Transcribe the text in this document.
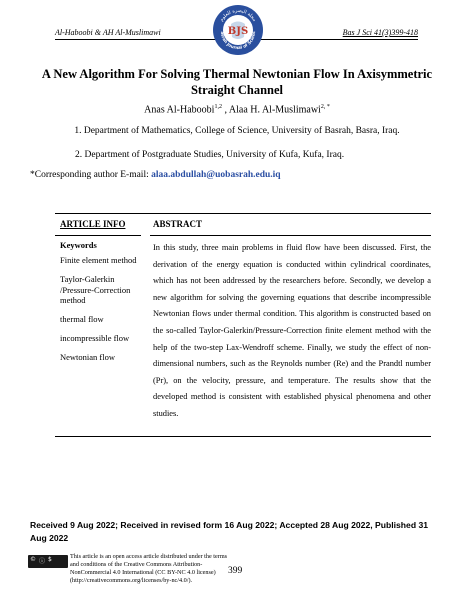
Al-Haboobi & AH Al-Muslimawi	Bas J Sci 41(3)399-418
BJS
asrah Journal of Scienc
مجلة البصرة للعلوم
A New Algorithm For Solving Thermal Newtonian Flow In Axisymmetric Straight Channel
Anas Al-Haboobi$^{1,2}$ , Alaa H. Al-Muslimawi$^{2, *}$
1. Department of Mathematics, College of Science, University of Basrah, Basra, Iraq.
2. Department of Postgraduate Studies, University of Kufa, Kufa, Iraq.
*Corresponding author E-mail: alaa.abdullah@uobasrah.edu.iq
ARTICLE INFO	ABSTRACT
Keywords
Finite element method
Taylor-Galerkin /Pressure-Correction method
thermal flow
incompressible flow
Newtonian flow
In this study, three main problems in fluid flow have been discussed. First, the derivation of the energy equation is conducted within cylindrical coordinates, which has not been addressed by the researchers before. Secondly, we develop a new algorithm for solving the governing equations that describe incompressible Newtonian flows under thermal condition. This algorithm is constructed based on the so-called Taylor-Galerkin/Pressure-Correction finite element method with the help of the two-step Lax-Wendroff scheme. Finally, we study the effect of non-dimensional numbers, such as the Reynolds number (Re) and the Prandtl number (Pr), on the velocity, pressure, and temperature. The results show that the developed method is consistent with established physical phenomena and other studies.
Received 9 Aug 2022; Received in revised form 16 Aug 2022; Accepted 28 Aug 2022, Published 31 Aug 2022
© ⓘ $	This article is an open access article distributed under the terms and conditions of the Creative Commons Attribution-NonCommercial 4.0 International (CC BY-NC 4.0 license) (http://creativecommons.org/licenses/by-nc/4.0/).
399
